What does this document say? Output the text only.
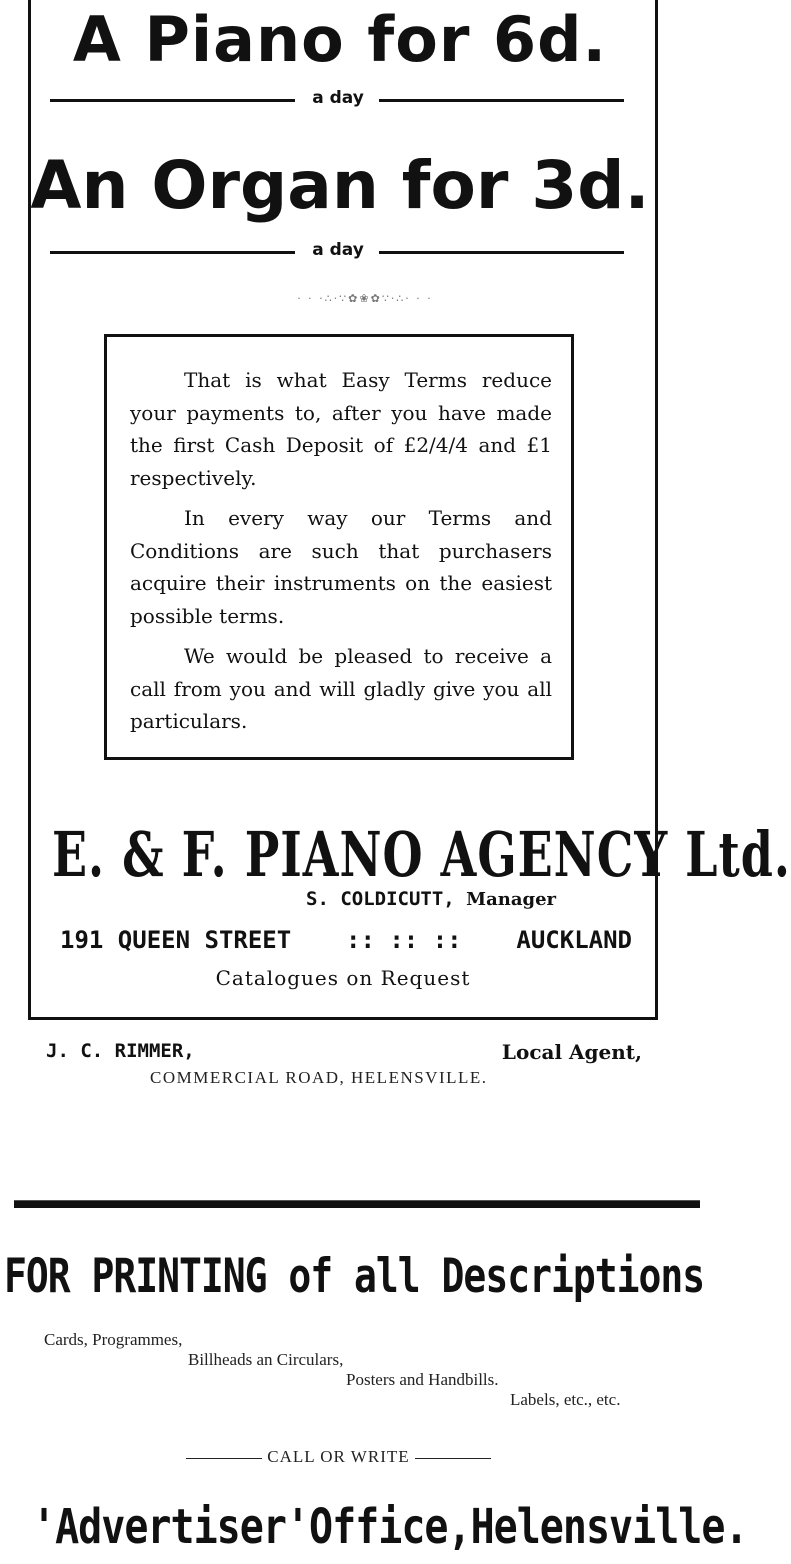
A Piano for 6d.
a day
An Organ for 3d.
a day
· · ·∴·∵✿❀✿∵·∴· · ·

That is what Easy Terms reduce your payments to, after you have made the first Cash Deposit of £2/4/4 and £1 respectively.

In every way our Terms and Conditions are such that purchasers acquire their instruments on the easiest possible terms.

We would be pleased to receive a call from you and will gladly give you all particulars.

E. & F. PIANO AGENCY Ltd.
S. COLDICUTT, Manager
191 QUEEN STREET :: :: :: AUCKLAND
Catalogues on Request
J. C. RIMMER,	Local Agent,
COMMERCIAL ROAD, HELENSVILLE.
FOR PRINTING of all Descriptions
Cards, Programmes,
Billheads an Circulars,
Posters and Handbills.
Labels, etc., etc.
CALL OR WRITE
'Advertiser' Office, Helensville.
